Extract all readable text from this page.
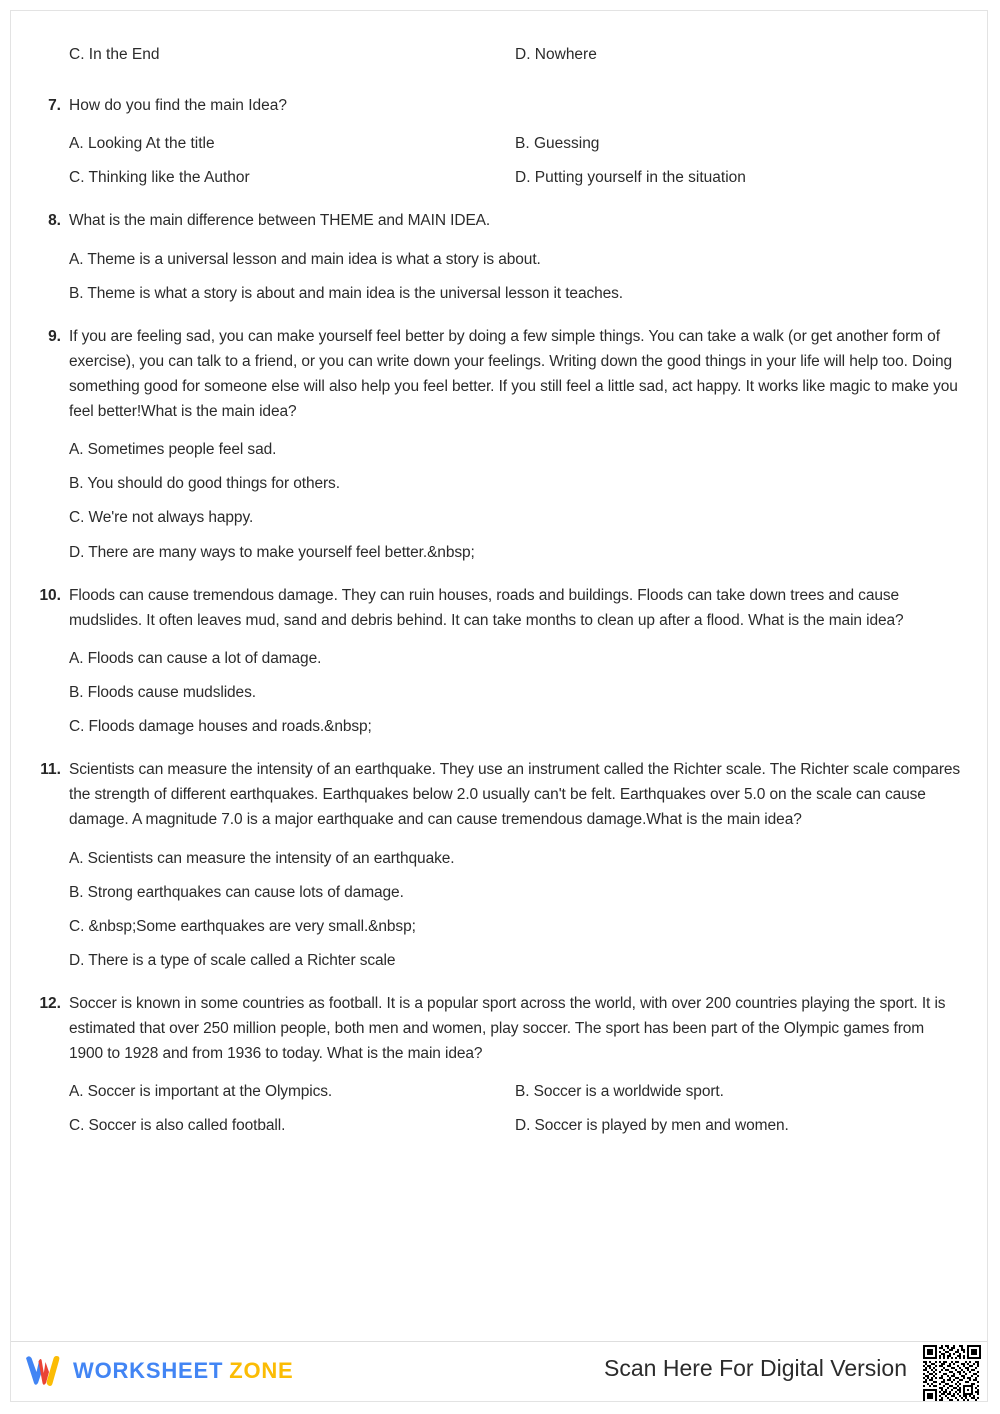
C. In the End	D. Nowhere
7. How do you find the main Idea?

A. Looking At the title	B. Guessing
C. Thinking like the Author	D. Putting yourself in the situation
8. What is the main difference between THEME and MAIN IDEA.

A. Theme is a universal lesson and main idea is what a story is about.
B. Theme is what a story is about and main idea is the universal lesson it teaches.
9. If you are feeling sad, you can make yourself feel better by doing a few simple things. You can take a walk (or get another form of exercise), you can talk to a friend, or you can write down your feelings. Writing down the good things in your life will help too. Doing something good for someone else will also help you feel better. If you still feel a little sad, act happy. It works like magic to make you feel better!What is the main idea?

A. Sometimes people feel sad.
B. You should do good things for others.
C. We're not always happy.
D. There are many ways to make yourself feel better.&nbsp;
10. Floods can cause tremendous damage. They can ruin houses, roads and buildings. Floods can take down trees and cause mudslides. It often leaves mud, sand and debris behind. It can take months to clean up after a flood. What is the main idea?

A. Floods can cause a lot of damage.
B. Floods cause mudslides.
C. Floods damage houses and roads.&nbsp;
11. Scientists can measure the intensity of an earthquake. They use an instrument called the Richter scale. The Richter scale compares the strength of different earthquakes. Earthquakes below 2.0 usually can't be felt. Earthquakes over 5.0 on the scale can cause damage. A magnitude 7.0 is a major earthquake and can cause tremendous damage.What is the main idea?

A. Scientists can measure the intensity of an earthquake.
B. Strong earthquakes can cause lots of damage.
C. &nbsp;Some earthquakes are very small.&nbsp;
D. There is a type of scale called a Richter scale
12. Soccer is known in some countries as football. It is a popular sport across the world, with over 200 countries playing the sport. It is estimated that over 250 million people, both men and women, play soccer. The sport has been part of the Olympic games from 1900 to 1928 and from 1936 to today. What is the main idea?

A. Soccer is important at the Olympics.	B. Soccer is a worldwide sport.
C. Soccer is also called football.	D. Soccer is played by men and women.
WORKSHEET ZONE	Scan Here For Digital Version
